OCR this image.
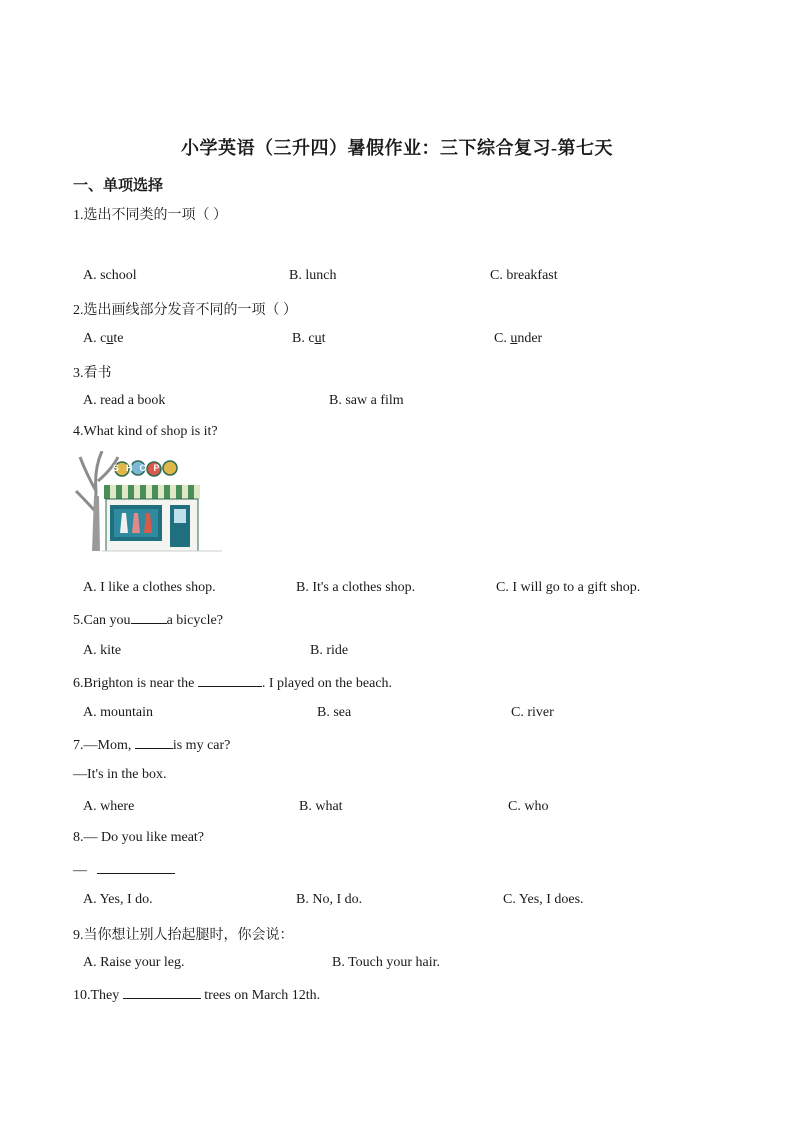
小学英语（三升四）暑假作业：三下综合复习-第七天
一、单项选择
1.选出不同类的一项（ ）
A. school	B. lunch	C. breakfast
2.选出画线部分发音不同的一项（ ）
A. cute	B. cut	C. under
3.看书
A. read a book	B. saw a film
4.What kind of shop is it?
SHOP
A. I like a clothes shop.	B. It's a clothes shop.	C. I will go to a gift shop.
5.Can you	a bicycle?
A. kite	B. ride
6.Brighton is near the	. I played on the beach.
A. mountain	B. sea	C. river
7.—Mom,	is my car?
—It's in the box.
A. where	B. what	C. who
8.— Do you like meat?
—
A. Yes, I do.	B. No, I do.	C. Yes, I does.
9.当你想让别人抬起腿时，你会说：
A. Raise your leg.	B. Touch your hair.
10.They	trees on March 12th.
